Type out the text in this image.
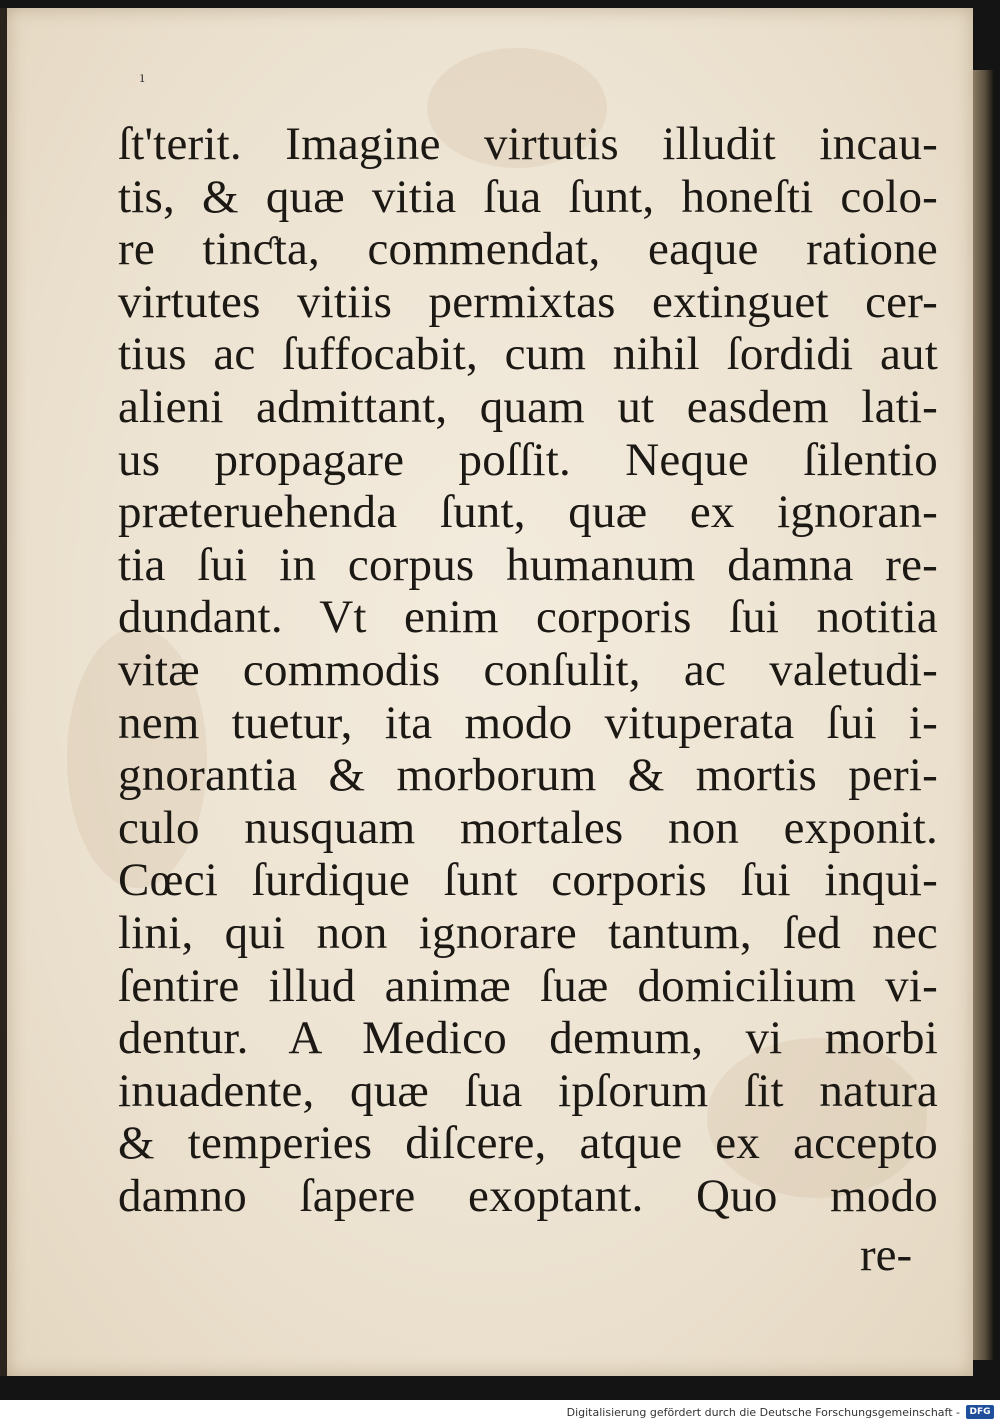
ı
ſt'terit. Imagine virtutis illudit incau-
tis, & quæ vitia ſua ſunt, honeſti colo-
re tinƈta, commendat, eaque ratione
virtutes vitiis permixtas extinguet cer-
tius ac ſuffocabit, cum nihil ſordidi aut
alieni admittant, quam ut easdem lati-
us propagare poſſit. Neque ſilentio
præteruehenda ſunt, quæ ex ignoran-
tia ſui in corpus humanum damna re-
dundant. Vt enim corporis ſui notitia
vitæ commodis conſulit, ac valetudi-
nem tuetur, ita modo vituperata ſui i-
gnorantia & morborum & mortis peri-
culo nusquam mortales non exponit.
Cœci ſurdique ſunt corporis ſui inqui-
lini, qui non ignorare tantum, ſed nec
ſentire illud animæ ſuæ domicilium vi-
dentur. A Medico demum, vi morbi
inuadente, quæ ſua ipſorum ſit natura
& temperies diſcere, atque ex accepto
damno ſapere exoptant. Quo modo
re-
Digitalisierung gefördert durch die Deutsche Forschungsgemeinschaft -	DFG
